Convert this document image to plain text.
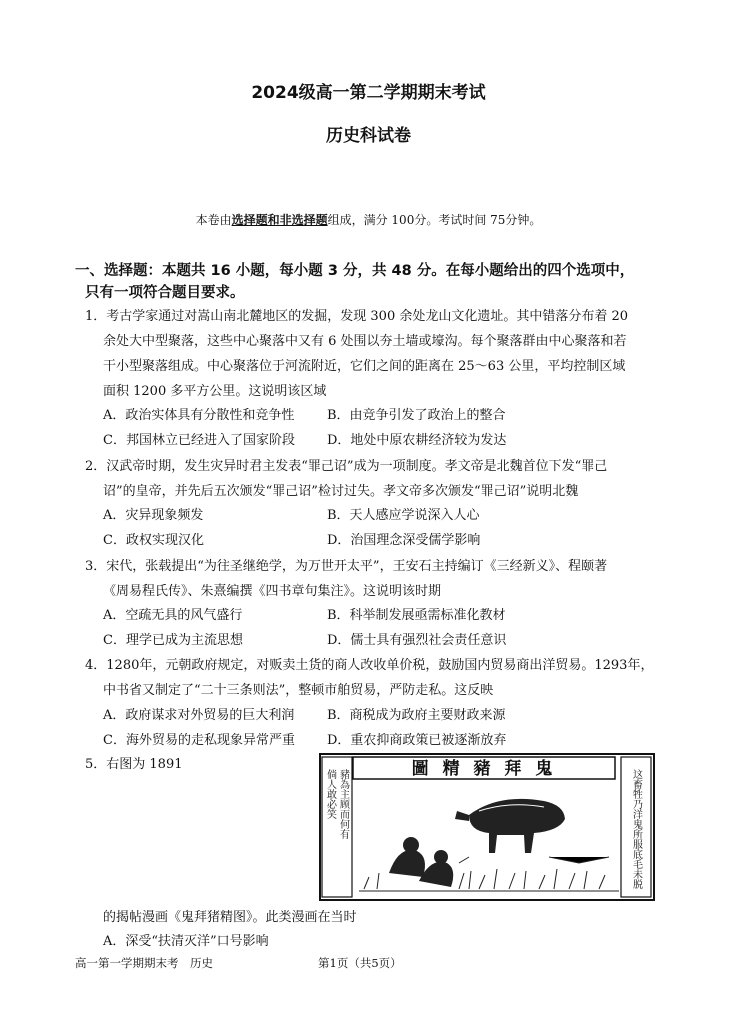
2024级高一第二学期期末考试
历史科试卷
本卷由选择题和非选择题组成，满分 100分。考试时间 75分钟。
一、选择题：本题共 16 小题，每小题 3 分，共 48 分。在每小题给出的四个选项中，
只有一项符合题目要求。
1．考古学家通过对嵩山南北麓地区的发掘，发现 300 余处龙山文化遗址。其中错落分布着 20
余处大中型聚落，这些中心聚落中又有 6 处围以夯土墙或壕沟。每个聚落群由中心聚落和若
干小型聚落组成。中心聚落位于河流附近，它们之间的距离在 25～63 公里，平均控制区域
面积 1200 多平方公里。这说明该区域
A．政治实体具有分散性和竞争性	B．由竞争引发了政治上的整合
C．邦国林立已经进入了国家阶段 D．地处中原农耕经济较为发达
2．汉武帝时期，发生灾异时君主发表“罪己诏”成为一项制度。孝文帝是北魏首位下发“罪己
诏”的皇帝，并先后五次颁发“罪己诏”检讨过失。孝文帝多次颁发“罪己诏”说明北魏
A．灾异现象频发	B．天人感应学说深入人心
C．政权实现汉化	D．治国理念深受儒学影响
3．宋代，张载提出“为往圣继绝学，为万世开太平”，王安石主持编订《三经新义》、程颐著
《周易程氏传》、朱熹编撰《四书章句集注》。这说明该时期
A．空疏无具的风气盛行	B．科举制发展亟需标准化教材
C．理学已成为主流思想	D．儒士具有强烈社会责任意识
4．1280年，元朝政府规定，对贩卖土货的商人改收单价税，鼓励国内贸易商出洋贸易。1293年，
中书省又制定了“二十三条则法”，整顿市舶贸易，严防走私。这反映
A．政府谋求对外贸易的巨大利润	B．商税成为政府主要财政来源
C．海外贸易的走私现象异常严重 D．重农抑商政策已被逐渐放弃
5．右图为 1891	圖 精 豬 拜 鬼
倘人敢必笑 豬為主顾而何有	这畜牲乃洋鬼所服底毛未脱
的揭帖漫画《鬼拜猪精图》。此类漫画在当时
A．深受“扶清灭洋”口号影响
高一第一学期期末考　历史	第1页（共5页）
